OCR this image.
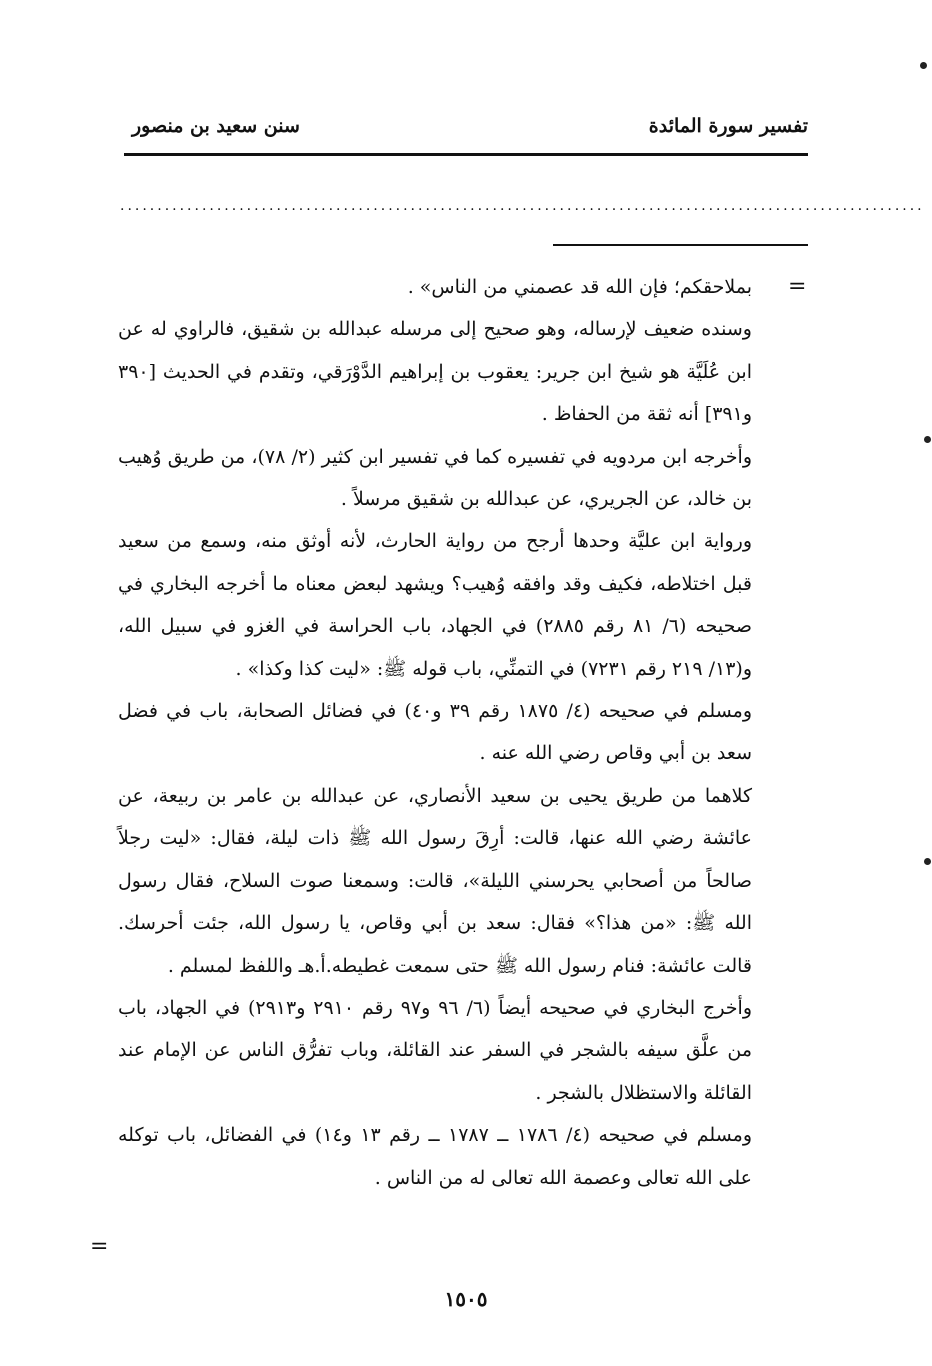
تفسير سورة المائدة
سنن سعيد بن منصور
............................................................................................................
=

بملاحقكم؛ فإن الله قد عصمني من الناس» .

وسنده ضعيف لإرساله، وهو صحيح إلى مرسله عبدالله بن شقيق، فالراوي له عن ابن عُلَيَّة هو شيخ ابن جرير: يعقوب بن إبراهيم الدَّوْرَقي، وتقدم في الحديث [٣٩٠ و٣٩١] أنه ثقة من الحفاظ .

وأخرجه ابن مردويه في تفسيره كما في تفسير ابن كثير (٢/ ٧٨)، من طريق وُهيب بن خالد، عن الجريري، عن عبدالله بن شقيق مرسلاً .

ورواية ابن عليَّة وحدها أرجح من رواية الحارث، لأنه أوثق منه، وسمع من سعيد قبل اختلاطه، فكيف وقد وافقه وُهيب؟ ويشهد لبعض معناه ما أخرجه البخاري في صحيحه (٦/ ٨١ رقم ٢٨٨٥) في الجهاد، باب الحراسة في الغزو في سبيل الله، و(١٣/ ٢١٩ رقم ٧٢٣١) في التمنِّي، باب قوله ﷺ: «ليت كذا وكذا» .

ومسلم في صحيحه (٤/ ١٨٧٥ رقم ٣٩ و٤٠) في فضائل الصحابة، باب في فضل سعد بن أبي وقاص رضي الله عنه .

كلاهما من طريق يحيى بن سعيد الأنصاري، عن عبدالله بن عامر بن ربيعة، عن عائشة رضي الله عنها، قالت: أرِقَ رسول الله ﷺ ذات ليلة، فقال: «ليت رجلاً صالحاً من أصحابي يحرسني الليلة»، قالت: وسمعنا صوت السلاح، فقال رسول الله ﷺ: «من هذا؟» فقال: سعد بن أبي وقاص، يا رسول الله، جئت أحرسك. قالت عائشة: فنام رسول الله ﷺ حتى سمعت غطيطه.أ.هـ واللفظ لمسلم .

وأخرج البخاري في صحيحه أيضاً (٦/ ٩٦ و٩٧ رقم ٢٩١٠ و٢٩١٣) في الجهاد، باب من علَّق سيفه بالشجر في السفر عند القائلة، وباب تفرُّق الناس عن الإمام عند القائلة والاستظلال بالشجر .

ومسلم في صحيحه (٤/ ١٧٨٦ ــ ١٧٨٧ ــ رقم ١٣ و١٤) في الفضائل، باب توكله على الله تعالى وعصمة الله تعالى له من الناس .

=
١٥٠٥
